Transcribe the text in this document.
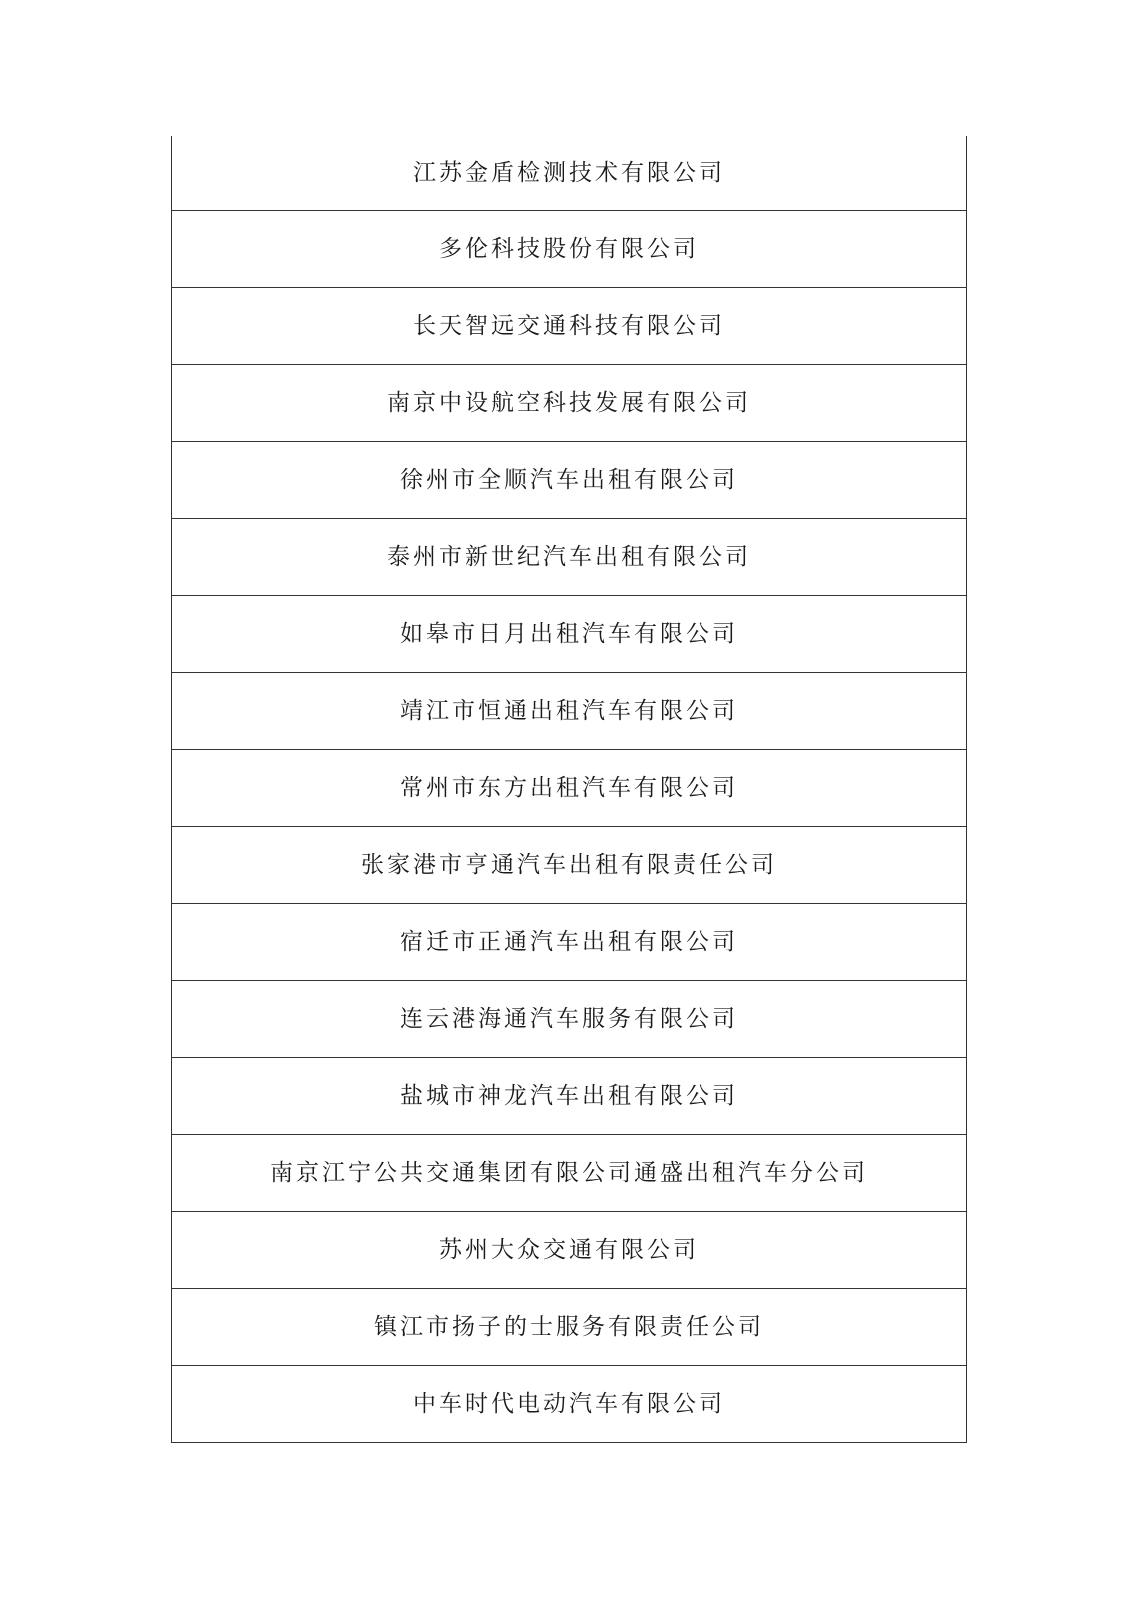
江苏金盾检测技术有限公司
多伦科技股份有限公司
长天智远交通科技有限公司
南京中设航空科技发展有限公司
徐州市全顺汽车出租有限公司
泰州市新世纪汽车出租有限公司
如皋市日月出租汽车有限公司
靖江市恒通出租汽车有限公司
常州市东方出租汽车有限公司
张家港市亨通汽车出租有限责任公司
宿迁市正通汽车出租有限公司
连云港海通汽车服务有限公司
盐城市神龙汽车出租有限公司
南京江宁公共交通集团有限公司通盛出租汽车分公司
苏州大众交通有限公司
镇江市扬子的士服务有限责任公司
中车时代电动汽车有限公司
